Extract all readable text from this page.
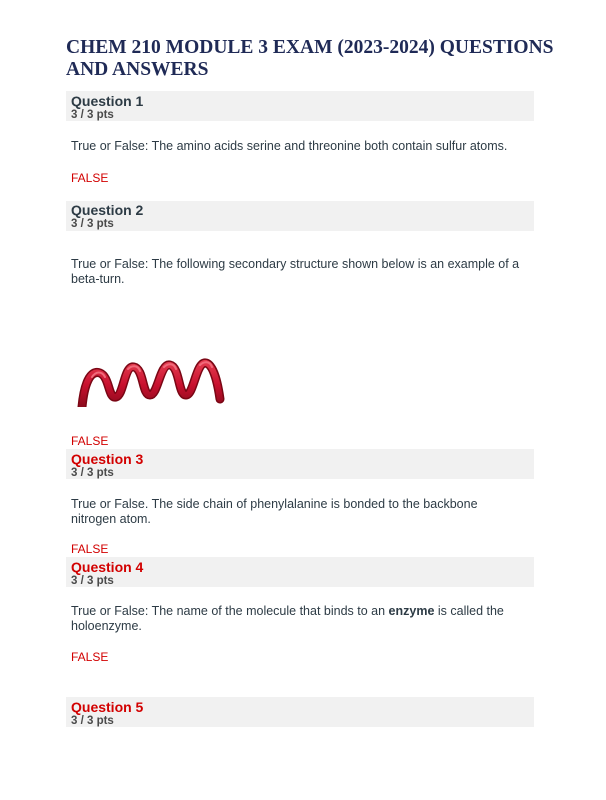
CHEM 210 MODULE 3 EXAM (2023-2024) QUESTIONS AND ANSWERS
Question 1
3 / 3 pts
True or False: The amino acids serine and threonine both contain sulfur atoms.
FALSE
Question 2
3 / 3 pts
True or False: The following secondary structure shown below is an example of a beta-turn.
FALSE
Question 3
3 / 3 pts
True or False. The side chain of phenylalanine is bonded to the backbone nitrogen atom.
FALSE
Question 4
3 / 3 pts
True or False: The name of the molecule that binds to an enzyme is called the holoenzyme.
FALSE
Question 5
3 / 3 pts
